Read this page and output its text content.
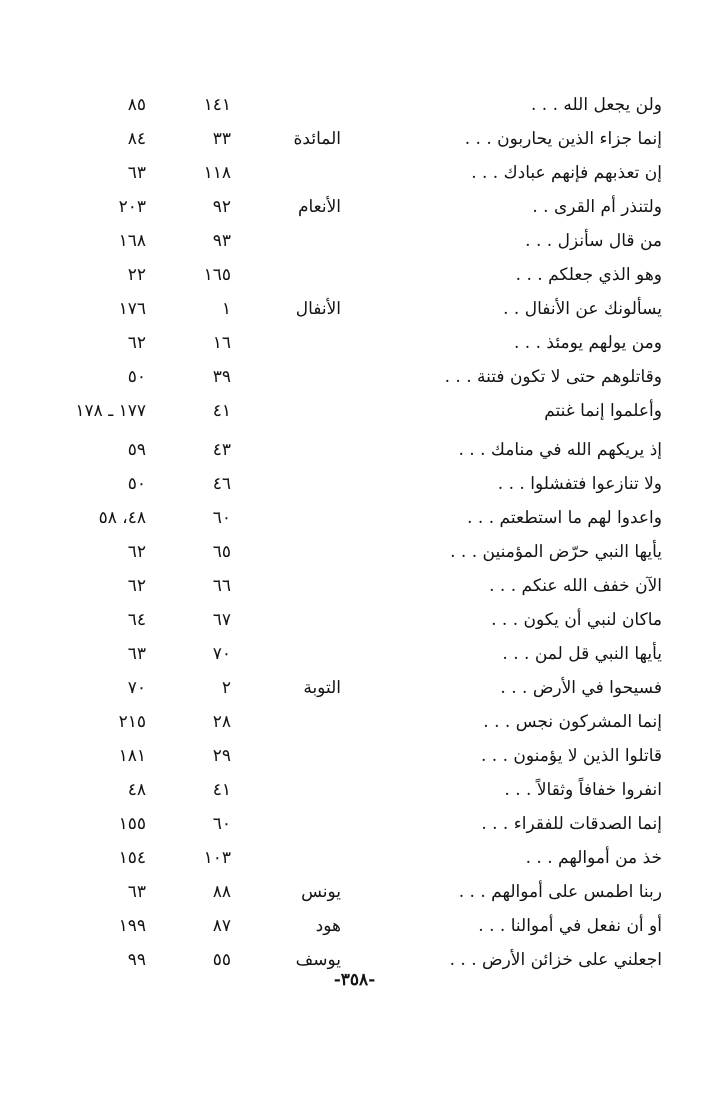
ولن يجعل الله . . .
١٤١
٨٥
إنما جزاء الذين يحاربون . . .
المائدة
٣٣
٨٤
إن تعذبهم فإنهم عبادك . . .
١١٨
٦٣
ولتنذر أم القرى . .
الأنعام
٩٢
٢٠٣
من قال سأنزل . . .
٩٣
١٦٨
وهو الذي جعلكم . . .
١٦٥
٢٢
يسألونك عن الأنفال . .
الأنفال
١
١٧٦
ومن يولهم يومئذ . . .
١٦
٦٢
وقاتلوهم حتى لا تكون فتنة . . .
٣٩
٥٠
وأعلموا إنما غنتم
٤١
١٧٧ ـ ١٧٨
إذ يريكهم الله في منامك . . .
٤٣
٥٩
ولا تنازعوا فتفشلوا . . .
٤٦
٥٠
واعدوا لهم ما استطعتم . . .
٦٠
٤٨، ٥٨
يأيها النبي حرّض المؤمنين . . .
٦٥
٦٢
الآن خفف الله عنكم . . .
٦٦
٦٢
ماكان لنبي أن يكون . . .
٦٧
٦٤
يأيها النبي قل لمن . . .
٧٠
٦٣
فسيحوا في الأرض . . .
التوبة
٢
٧٠
إنما المشركون نجس . . .
٢٨
٢١٥
قاتلوا الذين لا يؤمنون . . .
٢٩
١٨١
انفروا خفافاً وثقالاً . . .
٤١
٤٨
إنما الصدقات للفقراء . . .
٦٠
١٥٥
خذ من أموالهم . . .
١٠٣
١٥٤
ربنا اطمس على أموالهم . . .
يونس
٨٨
٦٣
أو أن نفعل في أموالنا . . .
هود
٨٧
١٩٩
اجعلني على خزائن الأرض . . .
يوسف
٥٥
٩٩
-٣٥٨-
